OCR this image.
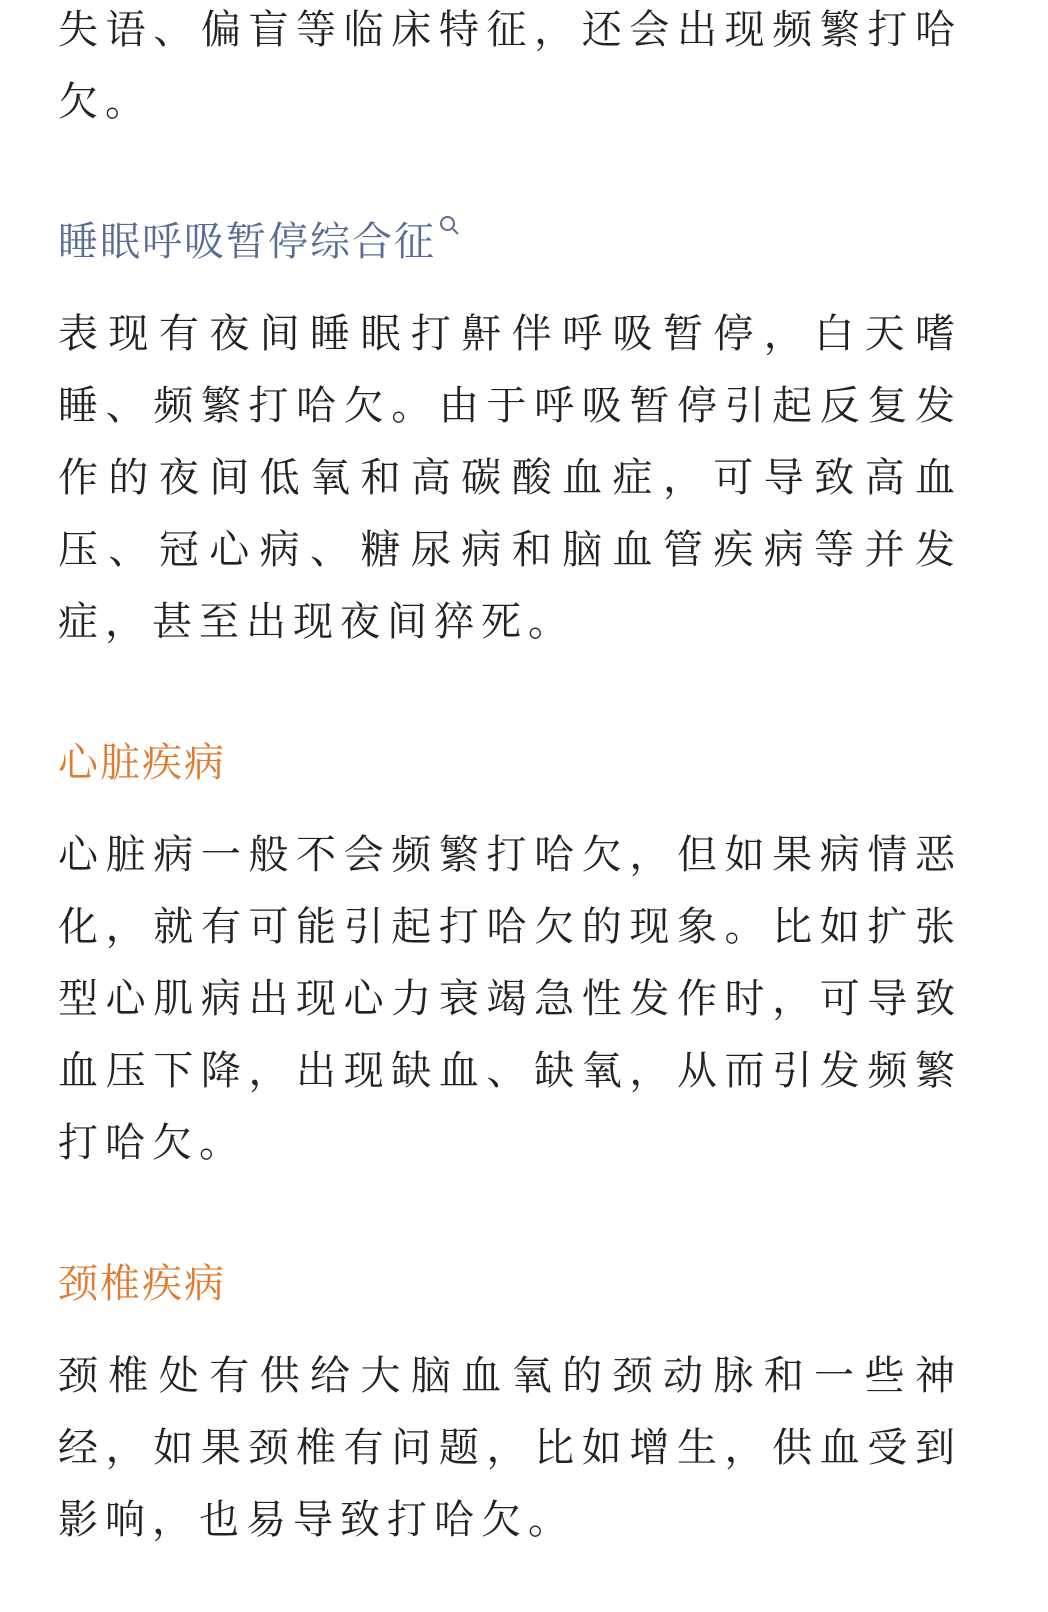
失语、偏盲等临床特征，还会出现频繁打哈欠。

睡眠呼吸暂停综合征

表现有夜间睡眠打鼾伴呼吸暂停，白天嗜睡、频繁打哈欠。由于呼吸暂停引起反复发作的夜间低氧和高碳酸血症，可导致高血压、冠心病、糖尿病和脑血管疾病等并发症，甚至出现夜间猝死。

心脏疾病

心脏病一般不会频繁打哈欠，但如果病情恶化，就有可能引起打哈欠的现象。比如扩张型心肌病出现心力衰竭急性发作时，可导致血压下降，出现缺血、缺氧，从而引发频繁打哈欠。

颈椎疾病

颈椎处有供给大脑血氧的颈动脉和一些神经，如果颈椎有问题，比如增生，供血受到影响，也易导致打哈欠。
